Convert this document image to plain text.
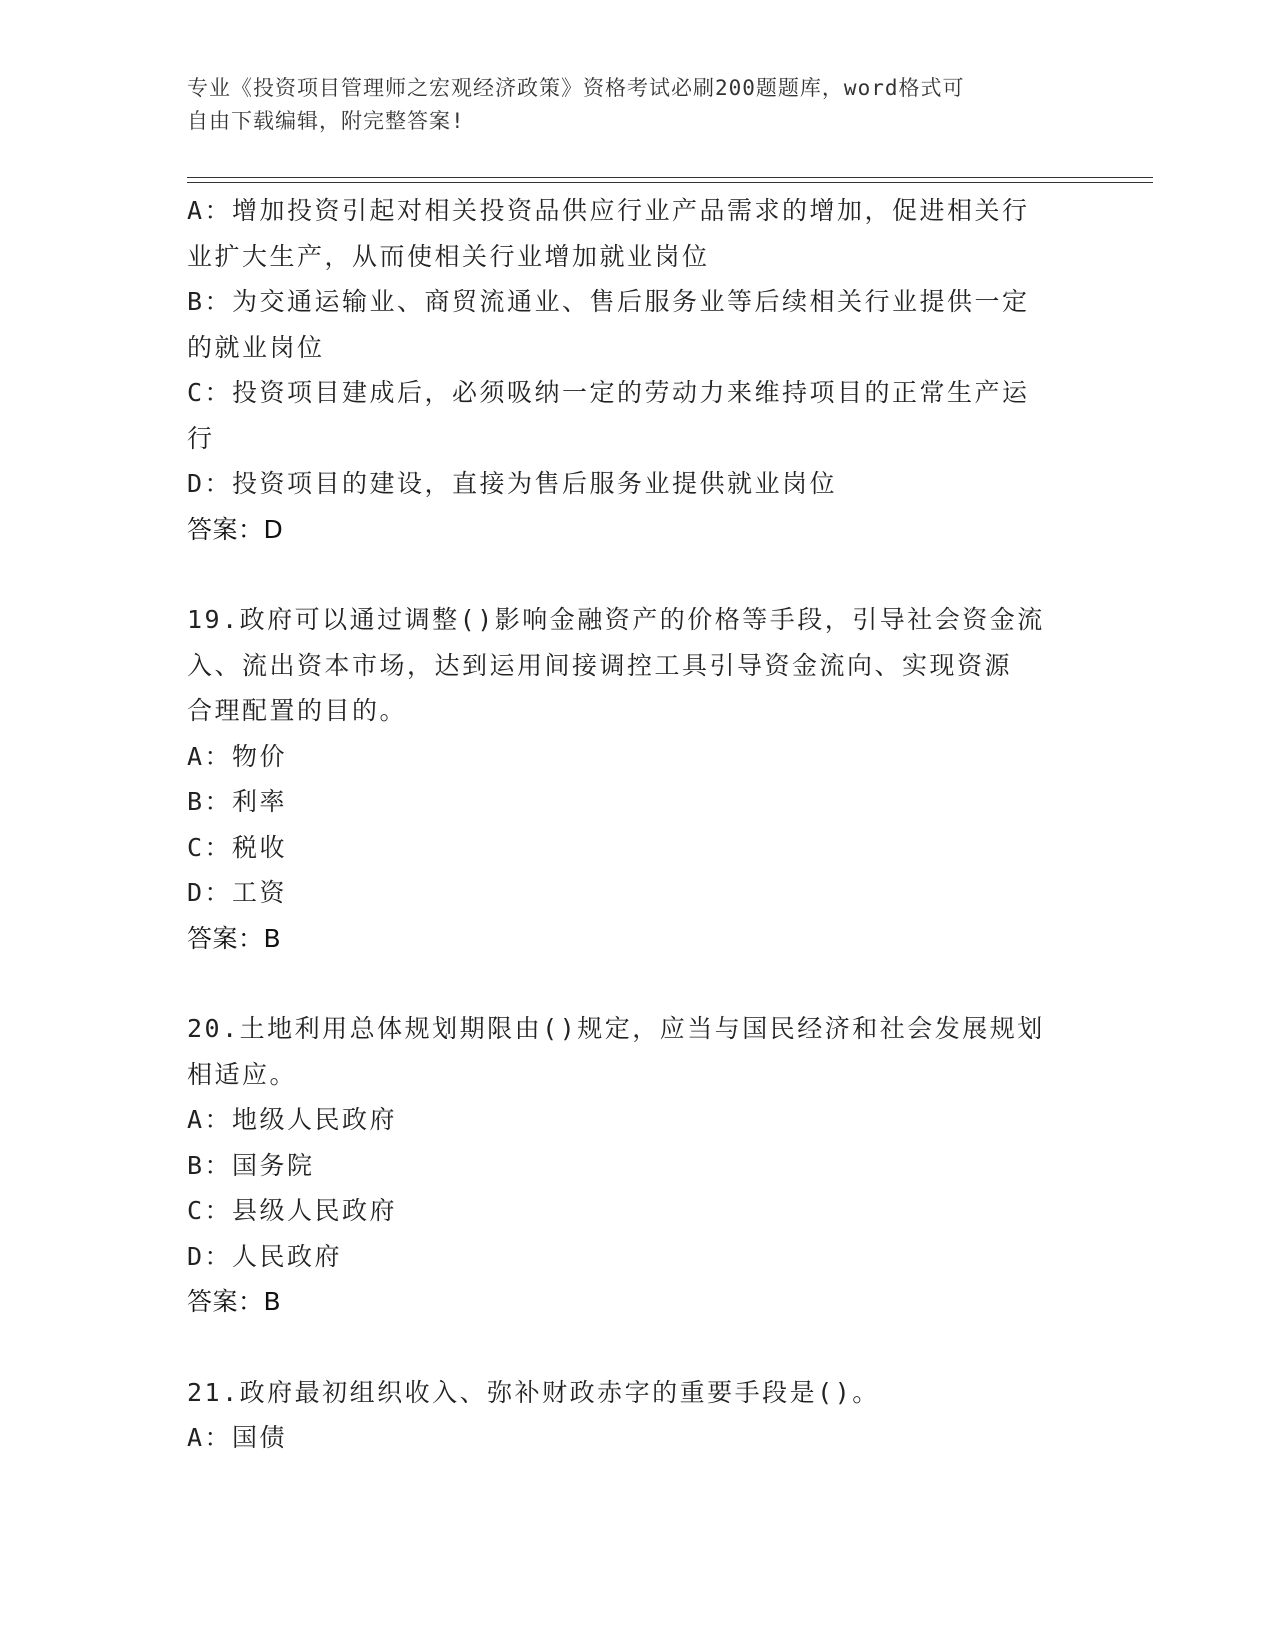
专业《投资项目管理师之宏观经济政策》资格考试必刷200题题库，word格式可
自由下载编辑，附完整答案!
A：增加投资引起对相关投资品供应行业产品需求的增加，促进相关行
业扩大生产，从而使相关行业增加就业岗位
B：为交通运输业、商贸流通业、售后服务业等后续相关行业提供一定
的就业岗位
C：投资项目建成后，必须吸纳一定的劳动力来维持项目的正常生产运
行
D：投资项目的建设，直接为售后服务业提供就业岗位
答案：D
19.政府可以通过调整()影响金融资产的价格等手段，引导社会资金流
入、流出资本市场，达到运用间接调控工具引导资金流向、实现资源
合理配置的目的。
A：物价
B：利率
C：税收
D：工资
答案：B
20.土地利用总体规划期限由()规定，应当与国民经济和社会发展规划
相适应。
A：地级人民政府
B：国务院
C：县级人民政府
D：人民政府
答案：B
21.政府最初组织收入、弥补财政赤字的重要手段是()。
A：国债
